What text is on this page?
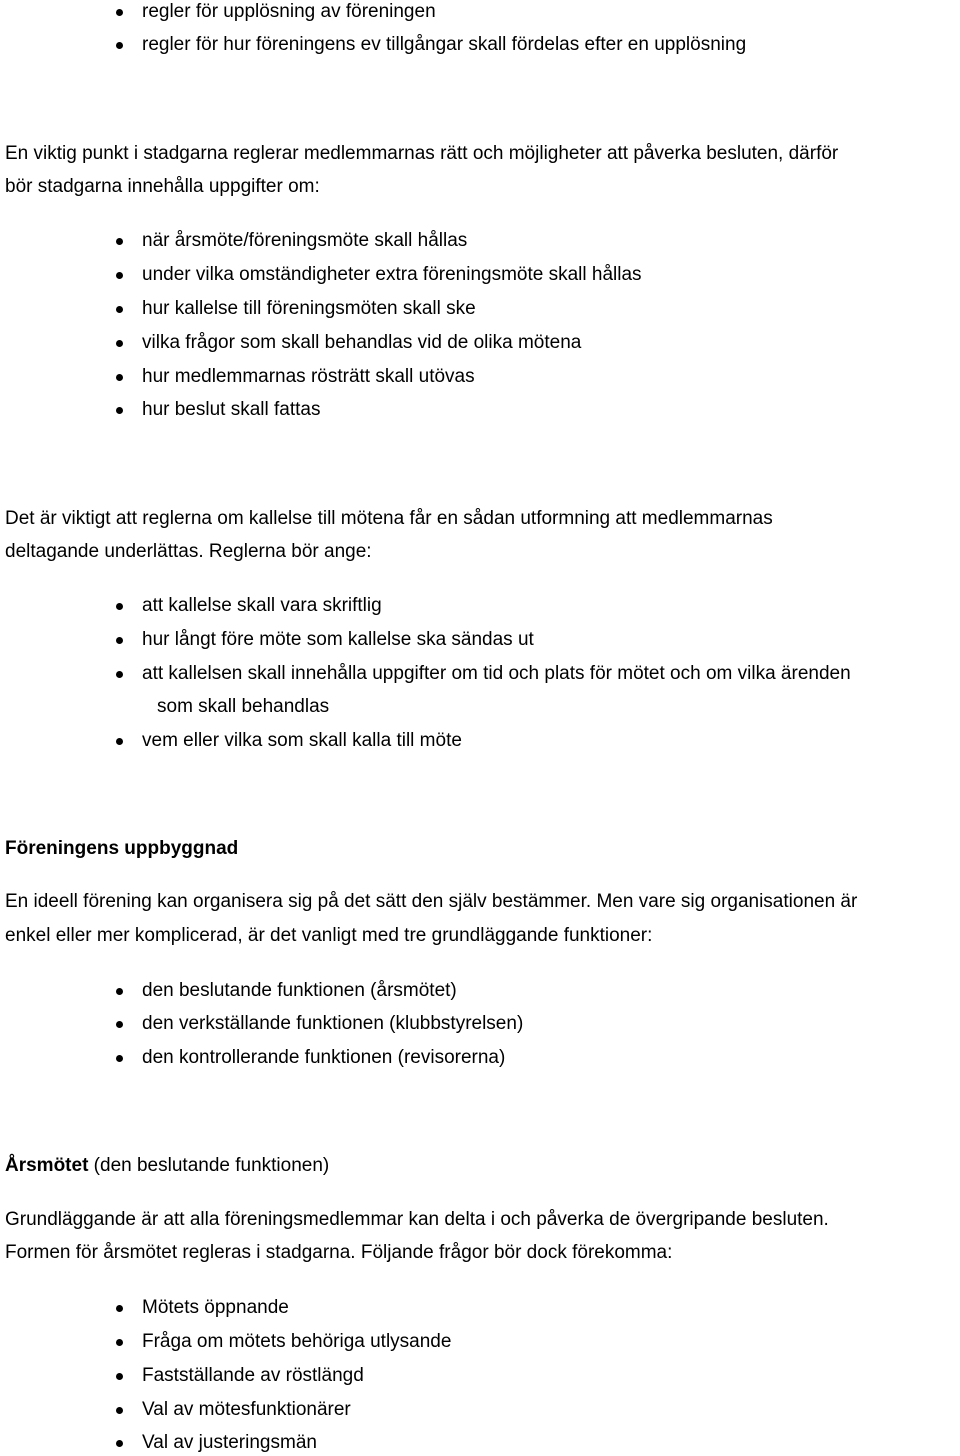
regler för upplösning av föreningen
regler för hur föreningens ev tillgångar skall fördelas efter en upplösning
En viktig punkt i stadgarna reglerar medlemmarnas rätt och möjligheter att påverka besluten, därför
bör stadgarna innehålla uppgifter om:
när årsmöte/föreningsmöte skall hållas
under vilka omständigheter extra föreningsmöte skall hållas
hur kallelse till föreningsmöten skall ske
vilka frågor som skall behandlas vid de olika mötena
hur medlemmarnas rösträtt skall utövas
hur beslut skall fattas
Det är viktigt att reglerna om kallelse till mötena får en sådan utformning att medlemmarnas
deltagande underlättas. Reglerna bör ange:
att kallelse skall vara skriftlig
hur långt före möte som kallelse ska sändas ut
att kallelsen skall innehålla uppgifter om tid och plats för mötet och om vilka ärenden
som skall behandlas
vem eller vilka som skall kalla till möte
Föreningens uppbyggnad
En ideell förening kan organisera sig på det sätt den själv bestämmer. Men vare sig organisationen är
enkel eller mer komplicerad, är det vanligt med tre grundläggande funktioner:
den beslutande funktionen (årsmötet)
den verkställande funktionen (klubbstyrelsen)
den kontrollerande funktionen (revisorerna)
Årsmötet (den beslutande funktionen)
Grundläggande är att alla föreningsmedlemmar kan delta i och påverka de övergripande besluten.
Formen för årsmötet regleras i stadgarna. Följande frågor bör dock förekomma:
Mötets öppnande
Fråga om mötets behöriga utlysande
Fastställande av röstlängd
Val av mötesfunktionärer
Val av justeringsmän
